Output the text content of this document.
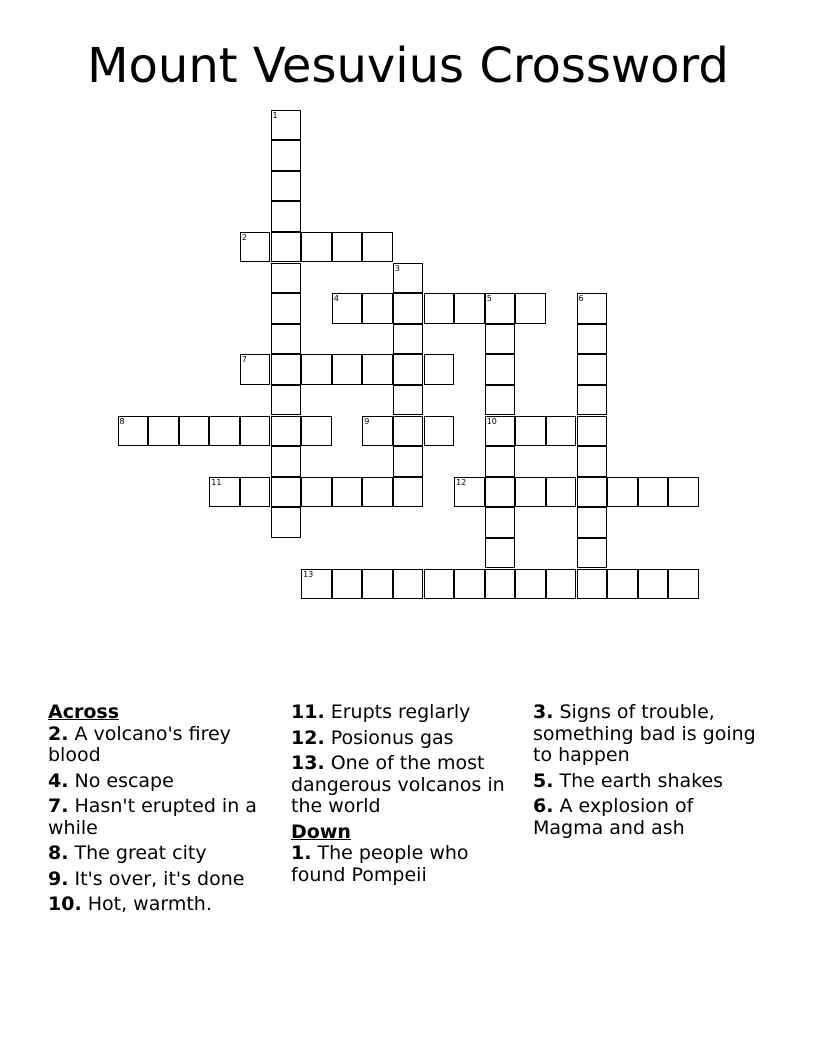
Mount Vesuvius Crossword
1
2
3
4	5
10
6
7
8	9
11	12
13
Across
2. A volcano's firey blood
4. No escape
7. Hasn't erupted in a while
8. The great city
9. It's over, it's done
10. Hot, warmth.
11. Erupts reglarly
12. Posionus gas
13. One of the most dangerous volcanos in the world
Down
1. The people who found Pompeii
3. Signs of trouble, something bad is going to happen
5. The earth shakes
6. A explosion of Magma and ash
